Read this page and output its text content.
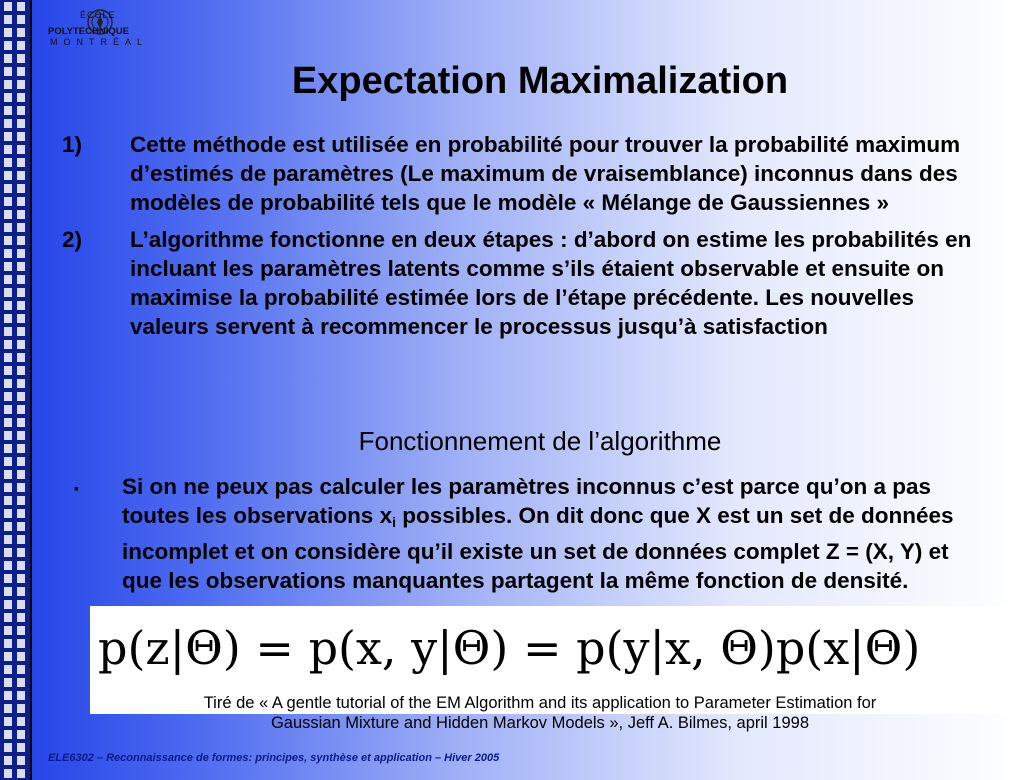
ÉCOLE
POLYTECHNIQUE
MONTRÉAL
Expectation Maximalization
1) Cette méthode est utilisée en probabilité pour trouver la probabilité maximum d’estimés de paramètres (Le maximum de vraisemblance) inconnus dans des modèles de probabilité tels que le modèle « Mélange de Gaussiennes »
2) L’algorithme fonctionne en deux étapes : d’abord on estime les probabilités en incluant les paramètres latents comme s’ils étaient observable et ensuite on maximise la probabilité estimée lors de l’étape précédente. Les nouvelles valeurs servent à recommencer le processus jusqu’à satisfaction
Fonctionnement de l’algorithme
▪ Si on ne peux pas calculer les paramètres inconnus c’est parce qu’on a pas toutes les observations $x_i$ possibles. On dit donc que X est un set de données incomplet et on considère qu’il existe un set de données complet Z = (X, Y) et que les observations manquantes partagent la même fonction de densité.
p(z|Θ) = p(x, y|Θ) = p(y|x, Θ)p(x|Θ)
Tiré de « A gentle tutorial of the EM Algorithm and its application to Parameter Estimation for
Gaussian Mixture and Hidden Markov Models », Jeff A. Bilmes, april 1998
ELE6302 – Reconnaissance de formes: principes, synthèse et application – Hiver 2005
